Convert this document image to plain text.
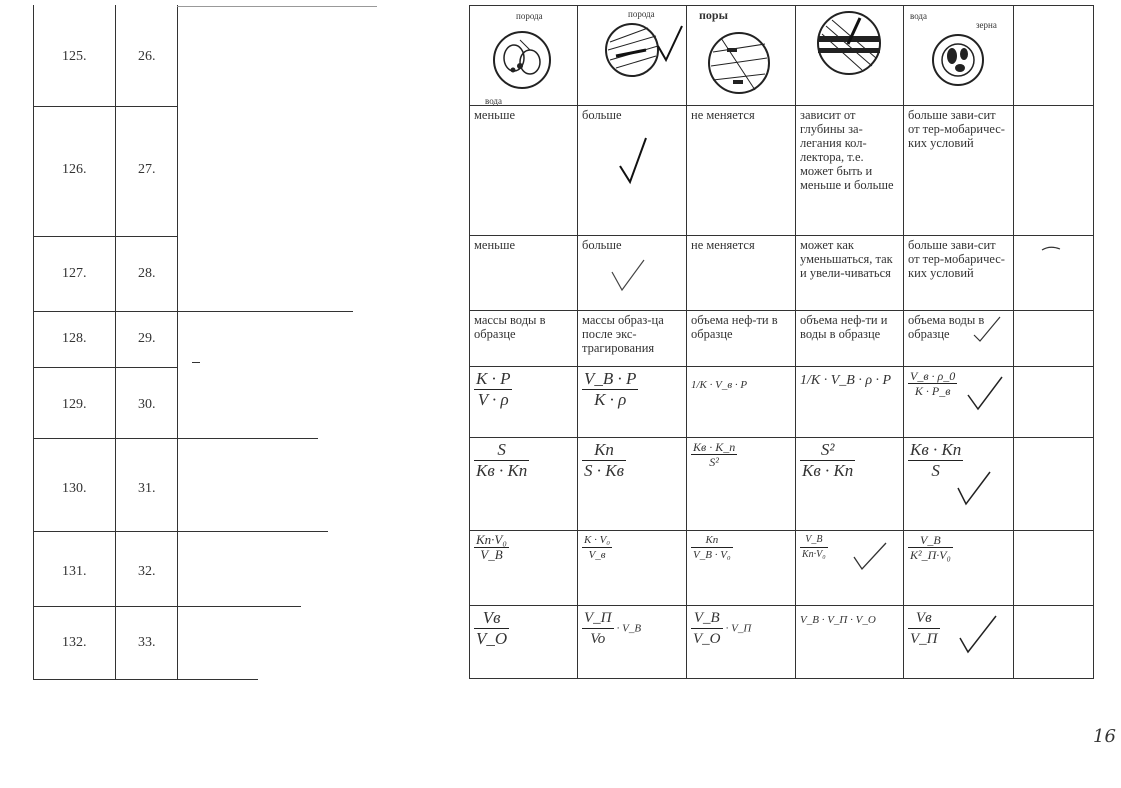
125.	26.
126.	27.
127.	28.
128.	29.
129.	30.
130.	31.
131.	32.
132.	33.
порода
вода	порода	поры		вода
зерна	

меньше	больше	не меняется	зависит от глубины за-легания кол-лектора, т.е. может быть и меньше и больше	больше зави-сит от тер-мобаричес-ких условий	
меньше	больше	не меняется	может как уменьшаться, так и увели-чиваться	больше зави-сит от тер-мобаричес-ких условий	
массы воды в образце	массы образ-ца после экс-трагирования	объема неф-ти в образце	объема неф-ти и воды в образце	объема воды в образце

$\frac{K \cdot P}{V \cdot \rho}$	$\frac{V\_B \cdot P}{K \cdot \rho}$	1/K · V_в · P	1/K · V_B · ρ · P	$\frac{V\_в \cdot \rho\_0}{K \cdot P\_в}$

$\frac{S}{Kв \cdot Kп}$	$\frac{Kп}{S \cdot Kв}$	$\frac{Kв \cdot K\_п}{\text{S²}}$	$\frac{\text{S²}}{Kв \cdot Kп}$	$\frac{Kв \cdot Kп}{S}$

$\frac{\text{Kп·V₀}}{V\_B}$	$\frac{\text{K · V₀}}{V\_в}$	$\frac{Kп}{\text{V\_B · V₀}}$	$\frac{V\_B}{\text{Kп·V₀}}$	$\frac{V\_B}{\text{K²\_П·V₀}}$

$\frac{Vв}{V\_O}$	$\frac{V\_П}{Vo}$ · V_B	$\frac{V\_B}{V\_O}$ · V_П	V_B · V_П · V_O	$\frac{Vв}{V\_П}$

16
